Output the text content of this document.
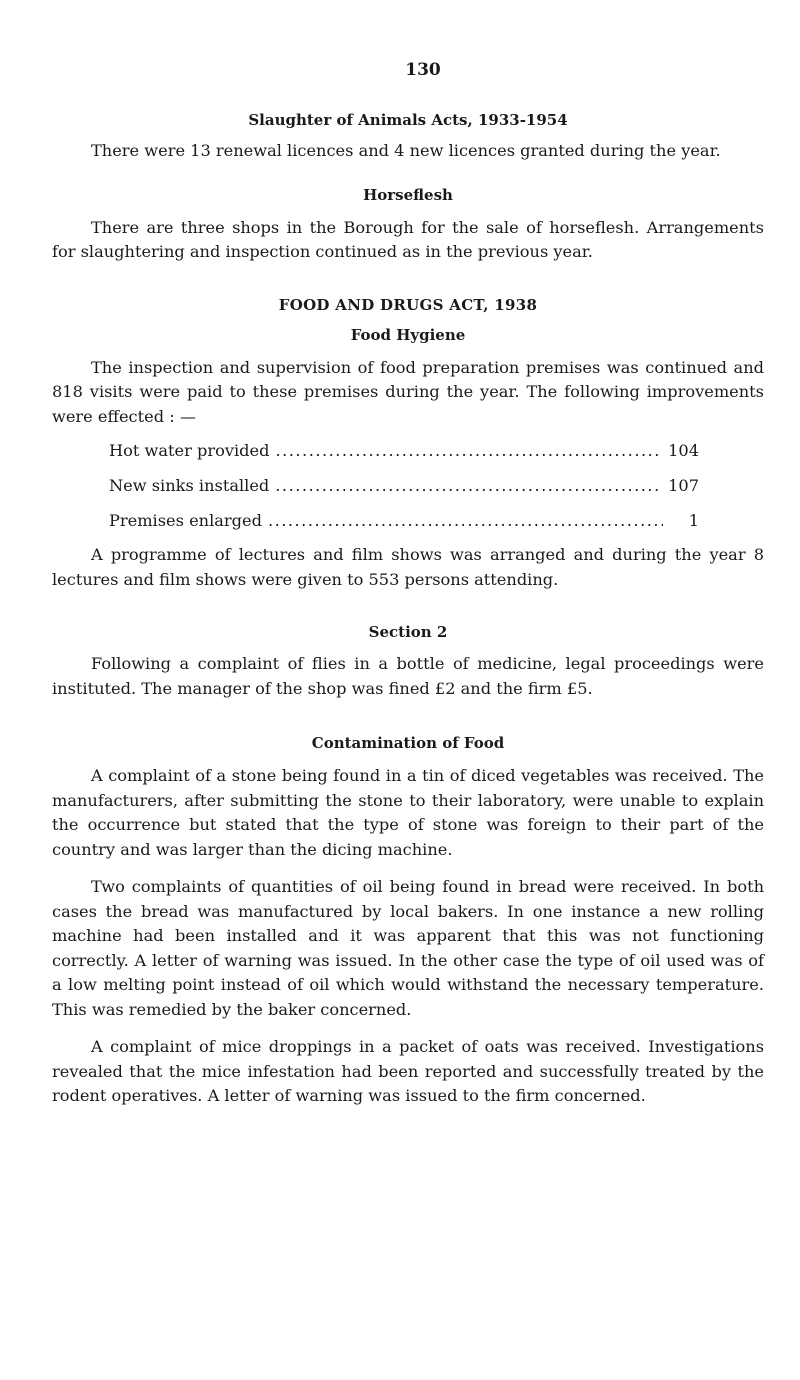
130
Slaughter of Animals Acts, 1933-1954

There were 13 renewal licences and 4 new licences granted during the year.

Horseflesh

There are three shops in the Borough for the sale of horseflesh. Arrangements for slaughtering and inspection continued as in the previous year.

FOOD AND DRUGS ACT, 1938
Food Hygiene

The inspection and supervision of food preparation premises was continued and 818 visits were paid to these premises during the year. The following improvements were effected : —

Hot water provided .....	104
New sinks installed .....	107
Premises enlarged .....	1

A programme of lectures and film shows was arranged and during the year 8 lectures and film shows were given to 553 persons attending.

Section 2

Following a complaint of flies in a bottle of medicine, legal proceedings were instituted. The manager of the shop was fined £2 and the firm £5.

Contamination of Food

A complaint of a stone being found in a tin of diced vegetables was received. The manufacturers, after submitting the stone to their laboratory, were unable to explain the occurrence but stated that the type of stone was foreign to their part of the country and was larger than the dicing machine.

Two complaints of quantities of oil being found in bread were received. In both cases the bread was manufactured by local bakers. In one instance a new rolling machine had been installed and it was apparent that this was not functioning correctly. A letter of warning was issued. In the other case the type of oil used was of a low melting point instead of oil which would withstand the necessary temperature. This was remedied by the baker concerned.

A complaint of mice droppings in a packet of oats was received. Investigations revealed that the mice infestation had been reported and successfully treated by the rodent operatives. A letter of warning was issued to the firm concerned.
